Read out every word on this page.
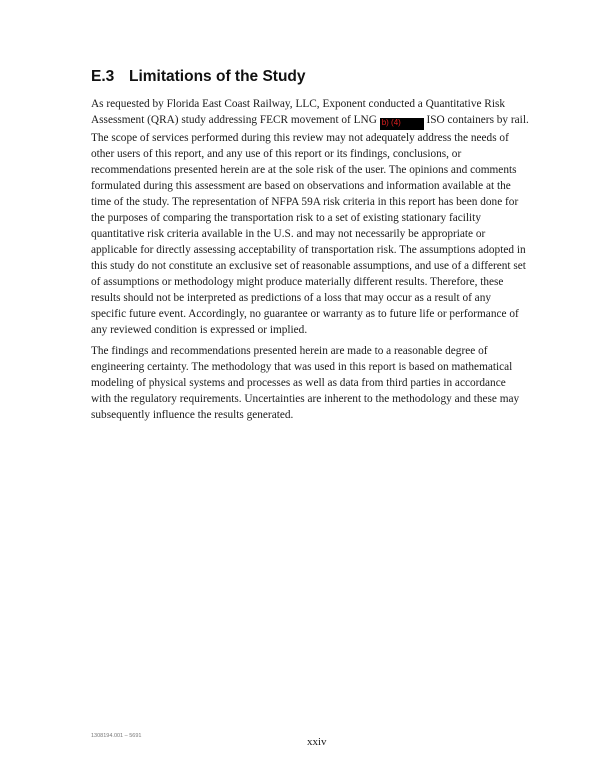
E.3 Limitations of the Study

As requested by Florida East Coast Railway, LLC, Exponent conducted a Quantitative Risk
Assessment (QRA) study addressing FECR movement of LNG b) (4) ISO containers by rail.
The scope of services performed during this review may not adequately address the needs of
other users of this report, and any use of this report or its findings, conclusions, or
recommendations presented herein are at the sole risk of the user. The opinions and comments
formulated during this assessment are based on observations and information available at the
time of the study. The representation of NFPA 59A risk criteria in this report has been done for
the purposes of comparing the transportation risk to a set of existing stationary facility
quantitative risk criteria available in the U.S. and may not necessarily be appropriate or
applicable for directly assessing acceptability of transportation risk. The assumptions adopted in
this study do not constitute an exclusive set of reasonable assumptions, and use of a different set
of assumptions or methodology might produce materially different results. Therefore, these
results should not be interpreted as predictions of a loss that may occur as a result of any
specific future event. Accordingly, no guarantee or warranty as to future life or performance of
any reviewed condition is expressed or implied.

The findings and recommendations presented herein are made to a reasonable degree of
engineering certainty. The methodology that was used in this report is based on mathematical
modeling of physical systems and processes as well as data from third parties in accordance
with the regulatory requirements. Uncertainties are inherent to the methodology and these may
subsequently influence the results generated.

1308194.001 – 5691	xxiv
